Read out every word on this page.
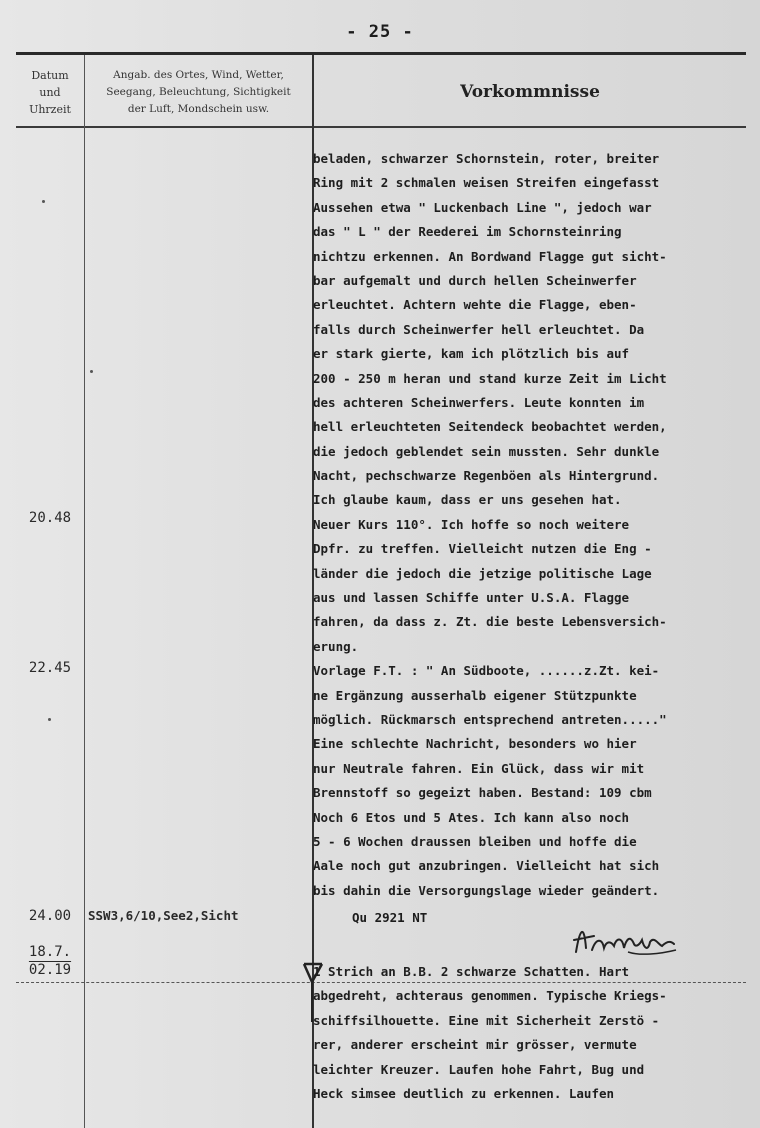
- 25 -
Datum
und
Uhrzeit
Angab. des Ortes, Wind, Wetter,
Seegang, Beleuchtung, Sichtigkeit
der Luft, Mondschein usw.
Vorkommnisse
20.48
22.45
24.00
18.7.
02.19
SSW3,6/10,See2,Sicht
beladen, schwarzer Schornstein, roter, breiter
Ring mit 2 schmalen weisen Streifen eingefasst
Aussehen etwa " Luckenbach Line ", jedoch war
das " L " der Reederei im Schornsteinring
nichtzu erkennen. An Bordwand Flagge gut sicht-
bar aufgemalt und durch hellen Scheinwerfer
erleuchtet. Achtern wehte die Flagge, eben-
falls durch Scheinwerfer hell erleuchtet. Da
er stark gierte, kam ich plötzlich bis auf
200 - 250 m heran und stand kurze Zeit im Licht
des achteren Scheinwerfers. Leute konnten im
hell erleuchteten Seitendeck beobachtet werden,
die jedoch geblendet sein mussten. Sehr dunkle
Nacht, pechschwarze Regenböen als Hintergrund.
Ich glaube kaum, dass er uns gesehen hat.
Neuer Kurs 110°. Ich hoffe so noch weitere
Dpfr. zu treffen. Vielleicht nutzen die Eng -
länder die jedoch die jetzige politische Lage
aus und lassen Schiffe unter U.S.A. Flagge
fahren, da dass z. Zt. die beste Lebensversich-
erung.
Vorlage F.T. : " An Südboote, ......z.Zt. kei-
ne Ergänzung ausserhalb eigener Stützpunkte
möglich. Rückmarsch entsprechend antreten....."
Eine schlechte Nachricht, besonders wo hier
nur Neutrale fahren. Ein Glück, dass wir mit
Brennstoff so gegeizt haben. Bestand: 109 cbm
Noch 6 Etos und 5 Ates. Ich kann also noch
5 - 6 Wochen draussen bleiben und hoffe die
Aale noch gut anzubringen. Vielleicht hat sich
bis dahin die Versorgungslage wieder geändert.
Qu 2921 NT
1 Strich an B.B. 2 schwarze Schatten. Hart
abgedreht, achteraus genommen. Typische Kriegs-
schiffsilhouette. Eine mit Sicherheit Zerstö -
rer, anderer erscheint mir grösser, vermute
leichter Kreuzer. Laufen hohe Fahrt, Bug und
Heck simsee deutlich zu erkennen. Laufen
